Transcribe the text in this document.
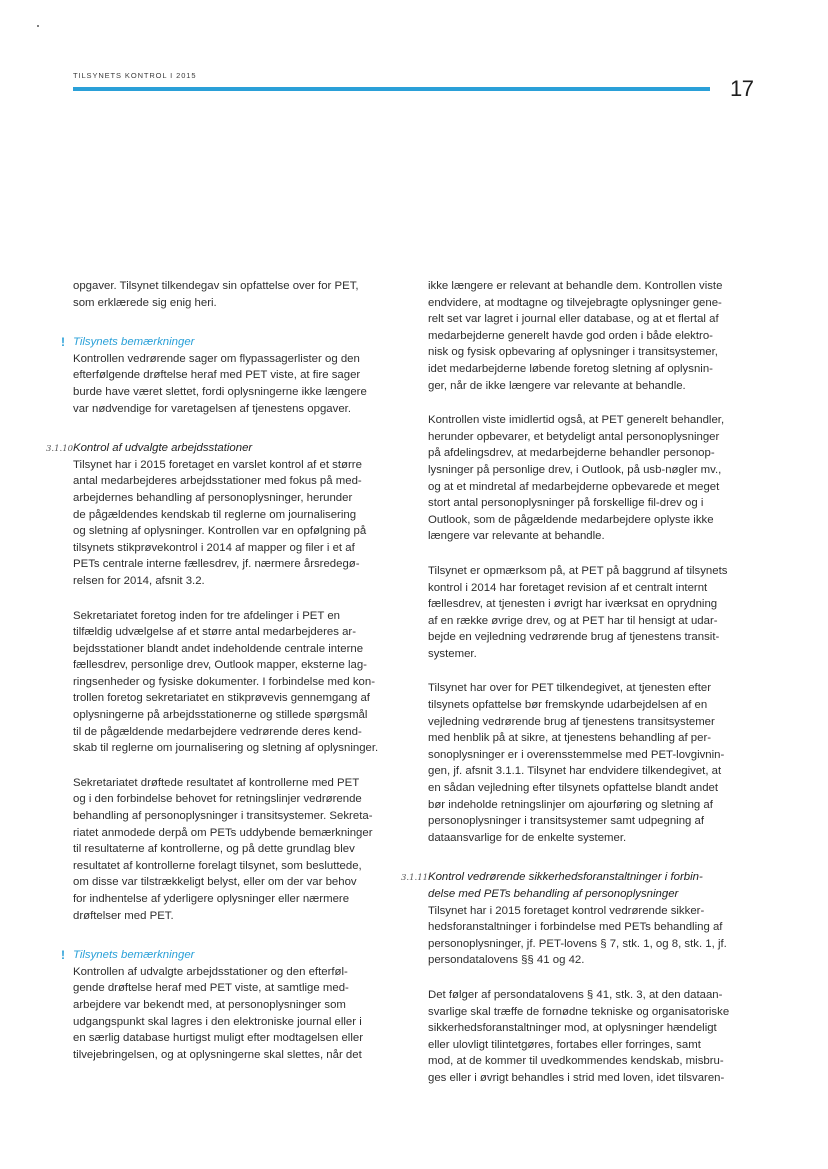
TILSYNETS KONTROL I 2015
17

opgaver. Tilsynet tilkendegav sin opfattelse over for PET,
som erklærede sig enig heri.

! Tilsynets bemærkninger

Kontrollen vedrørende sager om flypassagerlister og den
efterfølgende drøftelse heraf med PET viste, at fire sager
burde have været slettet, fordi oplysningerne ikke længere
var nødvendige for varetagelsen af tjenestens opgaver.

3.1.10 Kontrol af udvalgte arbejdsstationer

Tilsynet har i 2015 foretaget en varslet kontrol af et større
antal medarbejderes arbejdsstationer med fokus på med-
arbejdernes behandling af personoplysninger, herunder
de pågældendes kendskab til reglerne om journalisering
og sletning af oplysninger. Kontrollen var en opfølgning på
tilsynets stikprøvekontrol i 2014 af mapper og filer i et af
PETs centrale interne fællesdrev, jf. nærmere årsredegø-
relsen for 2014, afsnit 3.2.

Sekretariatet foretog inden for tre afdelinger i PET en
tilfældig udvælgelse af et større antal medarbejderes ar-
bejdsstationer blandt andet indeholdende centrale interne
fællesdrev, personlige drev, Outlook mapper, eksterne lag-
ringsenheder og fysiske dokumenter. I forbindelse med kon-
trollen foretog sekretariatet en stikprøvevis gennemgang af
oplysningerne på arbejdsstationerne og stillede spørgsmål
til de pågældende medarbejdere vedrørende deres kend-
skab til reglerne om journalisering og sletning af oplysninger.

Sekretariatet drøftede resultatet af kontrollerne med PET
og i den forbindelse behovet for retningslinjer vedrørende
behandling af personoplysninger i transitsystemer. Sekreta-
riatet anmodede derpå om PETs uddybende bemærkninger
til resultaterne af kontrollerne, og på dette grundlag blev
resultatet af kontrollerne forelagt tilsynet, som besluttede,
om disse var tilstrækkeligt belyst, eller om der var behov
for indhentelse af yderligere oplysninger eller nærmere
drøftelser med PET.

! Tilsynets bemærkninger

Kontrollen af udvalgte arbejdsstationer og den efterføl-
gende drøftelse heraf med PET viste, at samtlige med-
arbejdere var bekendt med, at personoplysninger som
udgangspunkt skal lagres i den elektroniske journal eller i
en særlig database hurtigst muligt efter modtagelsen eller
tilvejebringelsen, og at oplysningerne skal slettes, når det

ikke længere er relevant at behandle dem. Kontrollen viste
endvidere, at modtagne og tilvejebragte oplysninger gene-
relt set var lagret i journal eller database, og at et flertal af
medarbejderne generelt havde god orden i både elektro-
nisk og fysisk opbevaring af oplysninger i transitsystemer,
idet medarbejderne løbende foretog sletning af oplysnin-
ger, når de ikke længere var relevante at behandle.

Kontrollen viste imidlertid også, at PET generelt behandler,
herunder opbevarer, et betydeligt antal personoplysninger
på afdelingsdrev, at medarbejderne behandler personop-
lysninger på personlige drev, i Outlook, på usb-nøgler mv.,
og at et mindretal af medarbejderne opbevarede et meget
stort antal personoplysninger på forskellige fil-drev og i
Outlook, som de pågældende medarbejdere oplyste ikke
længere var relevante at behandle.

Tilsynet er opmærksom på, at PET på baggrund af tilsynets
kontrol i 2014 har foretaget revision af et centralt internt
fællesdrev, at tjenesten i øvrigt har iværksat en oprydning
af en række øvrige drev, og at PET har til hensigt at udar-
bejde en vejledning vedrørende brug af tjenestens transit-
systemer.

Tilsynet har over for PET tilkendegivet, at tjenesten efter
tilsynets opfattelse bør fremskynde udarbejdelsen af en
vejledning vedrørende brug af tjenestens transitsystemer
med henblik på at sikre, at tjenestens behandling af per-
sonoplysninger er i overensstemmelse med PET-lovgivnin-
gen, jf. afsnit 3.1.1. Tilsynet har endvidere tilkendegivet, at
en sådan vejledning efter tilsynets opfattelse blandt andet
bør indeholde retningslinjer om ajourføring og sletning af
personoplysninger i transitsystemer samt udpegning af
dataansvarlige for de enkelte systemer.

3.1.11 Kontrol vedrørende sikkerhedsforanstaltninger i forbin-
delse med PETs behandling af personoplysninger

Tilsynet har i 2015 foretaget kontrol vedrørende sikker-
hedsforanstaltninger i forbindelse med PETs behandling af
personoplysninger, jf. PET-lovens § 7, stk. 1, og 8, stk. 1, jf.
persondatalovens §§ 41 og 42.

Det følger af persondatalovens § 41, stk. 3, at den dataan-
svarlige skal træffe de fornødne tekniske og organisatoriske
sikkerhedsforanstaltninger mod, at oplysninger hændeligt
eller ulovligt tilintetgøres, fortabes eller forringes, samt
mod, at de kommer til uvedkommendes kendskab, misbru-
ges eller i øvrigt behandles i strid med loven, idet tilsvaren-
